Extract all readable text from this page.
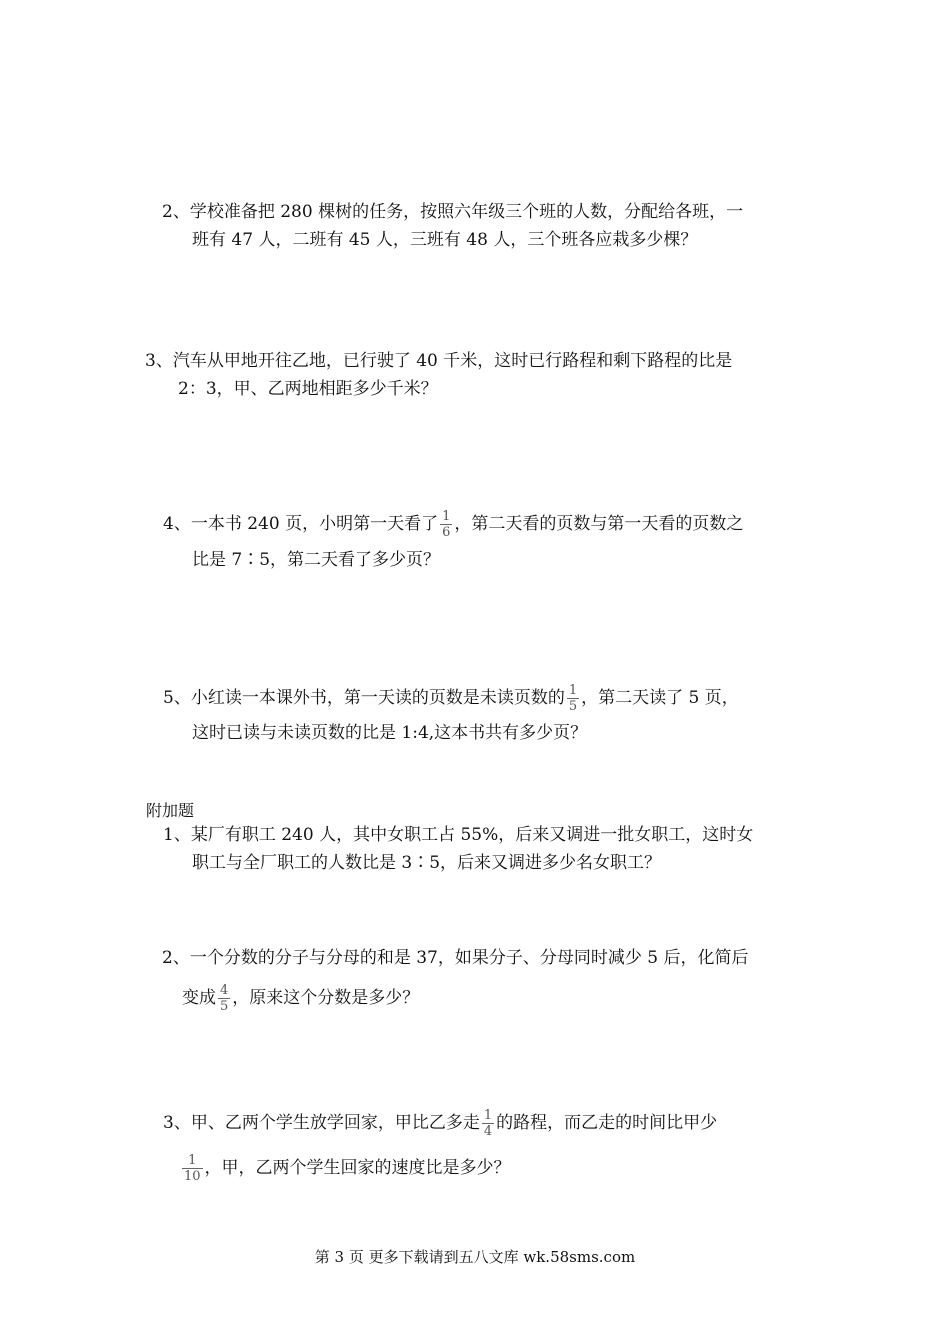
2、学校准备把 280 棵树的任务，按照六年级三个班的人数，分配给各班，一
班有 47 人，二班有 45 人，三班有 48 人，三个班各应栽多少棵？
3、汽车从甲地开往乙地，已行驶了 40 千米，这时已行路程和剩下路程的比是
2：3，甲、乙两地相距多少千米？
4、一本书 240 页，小明第一天看了 $\frac{1}{6}$ ，第二天看的页数与第一天看的页数之
比是 7∶5，第二天看了多少页？
5、小红读一本课外书，第一天读的页数是未读页数的 $\frac{1}{5}$ ，第二天读了 5 页，
这时已读与未读页数的比是 1:4,这本书共有多少页？
附加题
1、某厂有职工 240 人，其中女职工占 55%，后来又调进一批女职工，这时女
职工与全厂职工的人数比是 3∶5，后来又调进多少名女职工？
2、一个分数的分子与分母的和是 37，如果分子、分母同时减少 5 后，化简后
变成 $\frac{4}{5}$ ，原来这个分数是多少？
3、甲、乙两个学生放学回家，甲比乙多走 $\frac{1}{4}$ 的路程，而乙走的时间比甲少
$\frac{1}{10}$ ，甲，乙两个学生回家的速度比是多少？
第 3 页 更多下载请到五八文库 wk.58sms.com
